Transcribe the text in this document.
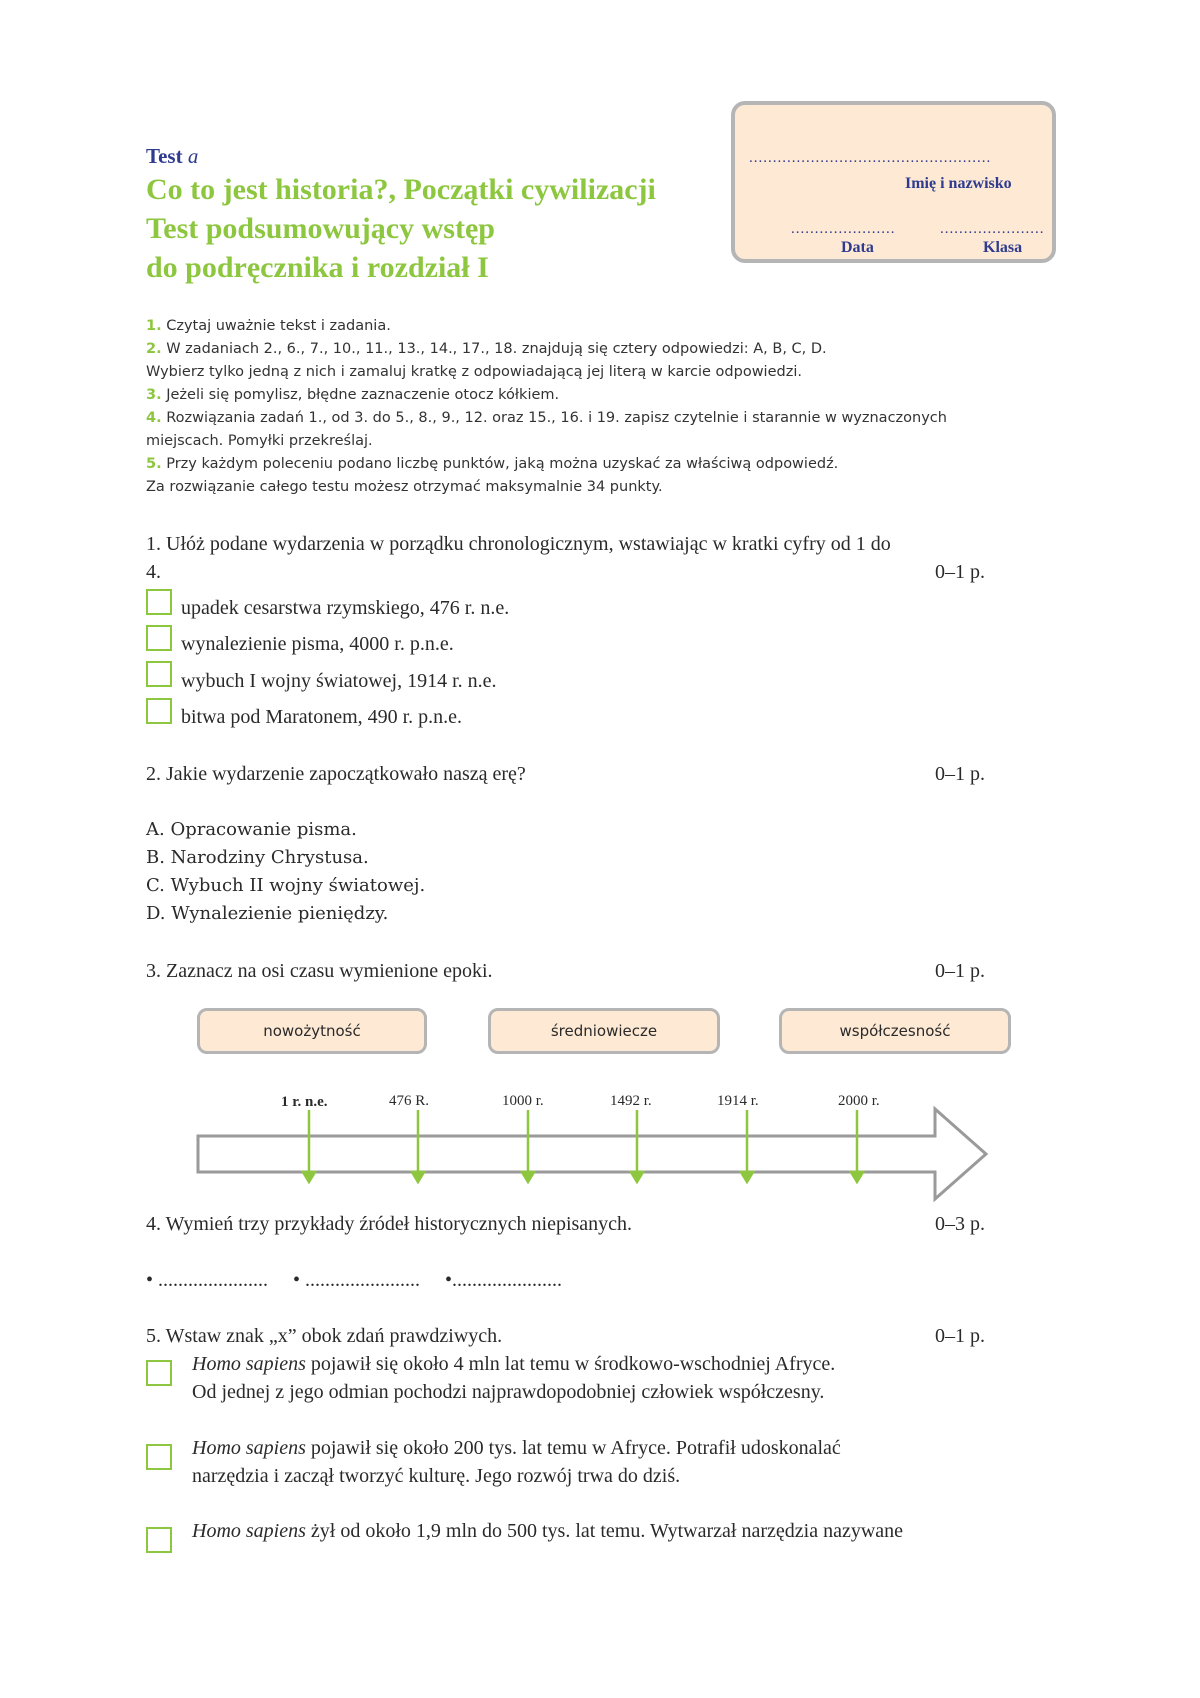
Test a
Co to jest historia?, Początki cywilizacji
Test podsumowujący wstęp
do podręcznika i rozdział I
...................................................
Imię i nazwisko
......................	......................
Data	Klasa
1. Czytaj uważnie tekst i zadania.
2. W zadaniach 2., 6., 7., 10., 11., 13., 14., 17., 18. znajdują się cztery odpowiedzi: A, B, C, D.
Wybierz tylko jedną z nich i zamaluj kratkę z odpowiadającą jej literą w karcie odpowiedzi.
3. Jeżeli się pomylisz, błędne zaznaczenie otocz kółkiem.
4. Rozwiązania zadań 1., od 3. do 5., 8., 9., 12. oraz 15., 16. i 19. zapisz czytelnie i starannie w wyznaczonych
miejscach. Pomyłki przekreślaj.
5. Przy każdym poleceniu podano liczbę punktów, jaką można uzyskać za właściwą odpowiedź.
Za rozwiązanie całego testu możesz otrzymać maksymalnie 34 punkty.
1. Ułóż podane wydarzenia w porządku chronologicznym, wstawiając w kratki cyfry od 1 do
4.	0–1 p.
upadek cesarstwa rzymskiego, 476 r. n.e.
wynalezienie pisma, 4000 r. p.n.e.
wybuch I wojny światowej, 1914 r. n.e.
bitwa pod Maratonem, 490 r. p.n.e.
2. Jakie wydarzenie zapoczątkowało naszą erę?	0–1 p.
A. Opracowanie pisma.
B. Narodziny Chrystusa.
C. Wybuch II wojny światowej.
D. Wynalezienie pieniędzy.
3. Zaznacz na osi czasu wymienione epoki.	0–1 p.
nowożytność	średniowiecze	współczesność
1 r. n.e.	476 R.	1000 r.	1492 r.	1914 r.	2000 r.
4. Wymień trzy przykłady źródeł historycznych niepisanych.	0–3 p.
• ......................     • .......................     •......................
5. Wstaw znak „x” obok zdań prawdziwych.	0–1 p.
Homo sapiens pojawił się około 4 mln lat temu w środkowo-wschodniej Afryce.
Od jednej z jego odmian pochodzi najprawdopodobniej człowiek współczesny.
Homo sapiens pojawił się około 200 tys. lat temu w Afryce. Potrafił udoskonalać
narzędzia i zaczął tworzyć kulturę. Jego rozwój trwa do dziś.
Homo sapiens żył od około 1,9 mln do 500 tys. lat temu. Wytwarzał narzędzia nazywane
